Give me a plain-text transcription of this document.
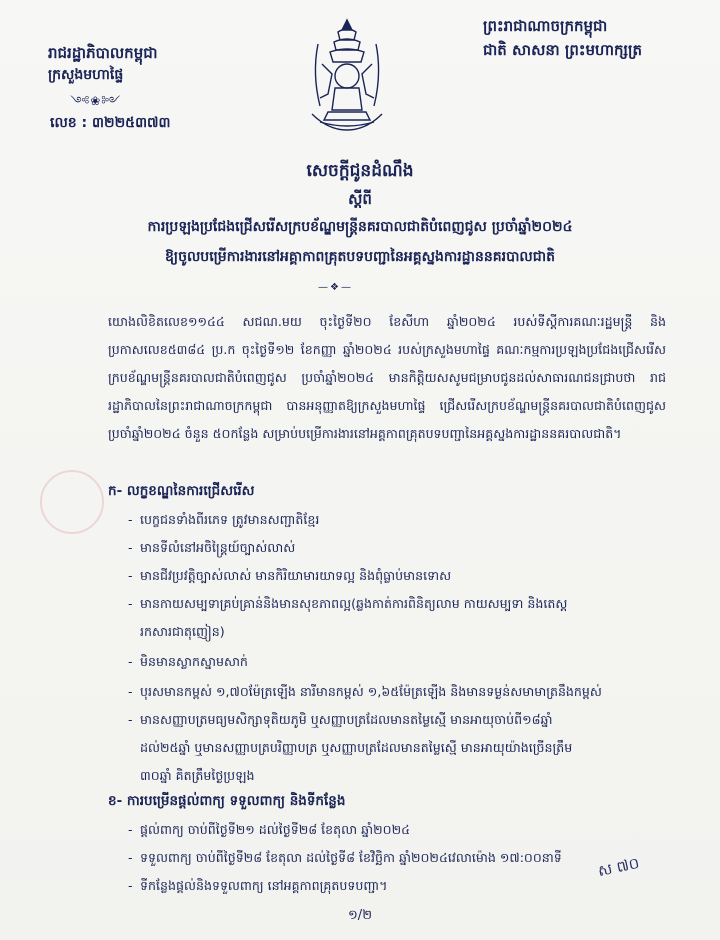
ព្រះរាជាណាចក្រកម្ពុជា
ជាតិ សាសនា ព្រះមហាក្សត្រ
រាជរដ្ឋាភិបាលកម្ពុជា
ក្រសួងមហាផ្ទៃ
༺❀༻
លេខ : ៣២២៥៣៧៣
សេចក្តីជូនដំណឹង
ស្តីពី
ការប្រឡងប្រជែងជ្រើសរើសក្របខ័ណ្ឌមន្ត្រីនគរបាលជាតិបំពេញជូស ប្រចាំឆ្នាំ២០២៤
ឱ្យចូលបម្រើការងារនៅអគ្គាកាពគ្រុតបទបញ្ជានៃអគ្គស្នងការដ្ឋាននគរបាលជាតិ
—❖—
យោងលិខិតលេខ១១៤៤ សជណ.មយ ចុះថ្ងៃទី២០ ខែសីហា ឆ្នាំ២០២៤ របស់ទីស្តីការគណៈរដ្ឋមន្ត្រី និងប្រកាសលេខ៥៣៨៤ ប្រ.ក ចុះថ្ងៃទី១២ ខែកញ្ញា ឆ្នាំ២០២៤ របស់ក្រសួងមហាផ្ទៃ គណៈកម្មការប្រឡងប្រជែងជ្រើសរើសក្របខ័ណ្ឌមន្ត្រីនគរបាលជាតិបំពេញជូស ប្រចាំឆ្នាំ២០២៤ មានកិត្តិយសសូមជម្រាបជូនដល់សាធារណជនជ្រាបថា រាជរដ្ឋាភិបាលនៃព្រះរាជាណាចក្រកម្ពុជា បានអនុញ្ញាតឱ្យក្រសួងមហាផ្ទៃ ជ្រើសរើសក្របខ័ណ្ឌមន្ត្រីនគរបាលជាតិបំពេញជូស ប្រចាំឆ្នាំ២០២៤ ចំនួន ៥០កន្លែង សម្រាប់បម្រើការងារនៅអគ្គកាពគ្រុតបទបញ្ជានៃអគ្គស្នងការដ្ឋាននគរបាលជាតិ។
ក- លក្ខខណ្ឌនៃការជ្រើសរើស
- បេក្ខជនទាំងពីរភេទ ត្រូវមានសញ្ជាតិខ្មែរ
- មានទីលំនៅអចិន្ត្រៃយ៍ច្បាស់លាស់
- មានជីវប្រវត្តិច្បាស់លាស់ មានកិរិយាមារយាទល្អ និងពុំធ្លាប់មានទោស
- មានកាយសម្បទាគ្រប់គ្រាន់និងមានសុខភាពល្អ(ឆ្លងកាត់ការពិនិត្យលាម កាយសម្បទា និងតេស្ត
រកសារជាតុញៀន)
- មិនមានស្លាកស្នាមសាក់
- បុរសមានកម្ពស់ ១,៧០ម៉ែត្រឡើង នារីមានកម្ពស់ ១,៦៥ម៉ែត្រឡើង និងមានទម្ងន់សមាមាត្រនឹងកម្ពស់
- មានសញ្ញាបត្រមធ្យមសិក្សាទុតិយភូមិ ឬសញ្ញាបត្រដែលមានតម្លៃស្មើ មានអាយុចាប់ពី១៨ឆ្នាំ
ដល់២៥ឆ្នាំ ឬមានសញ្ញាបត្របរិញ្ញាបត្រ ឬសញ្ញាបត្រដែលមានតម្លៃស្មើ មានអាយុយ៉ាងច្រើនត្រឹម
៣០ឆ្នាំ គិតត្រឹមថ្ងៃប្រឡង
ខ- ការបម្រើនផ្តល់ពាក្យ ទទួលពាក្យ និងទីកន្លែង
- ផ្តល់ពាក្យ ចាប់ពីថ្ងៃទី២១ ដល់ថ្ងៃទី២៨ ខែតុលា ឆ្នាំ២០២៤
- ទទួលពាក្យ ចាប់ពីថ្ងៃទី២៨ ខែតុលា ដល់ថ្ងៃទី៨ ខែវិច្ឆិកា ឆ្នាំ២០២៤វេលាម៉ោង ១៧:០០នាទី
- ទីកន្លែងផ្តល់និងទទួលពាក្យ នៅអគ្គកាពគ្រុតបទបញ្ជា។
ស ៧០
១/២
